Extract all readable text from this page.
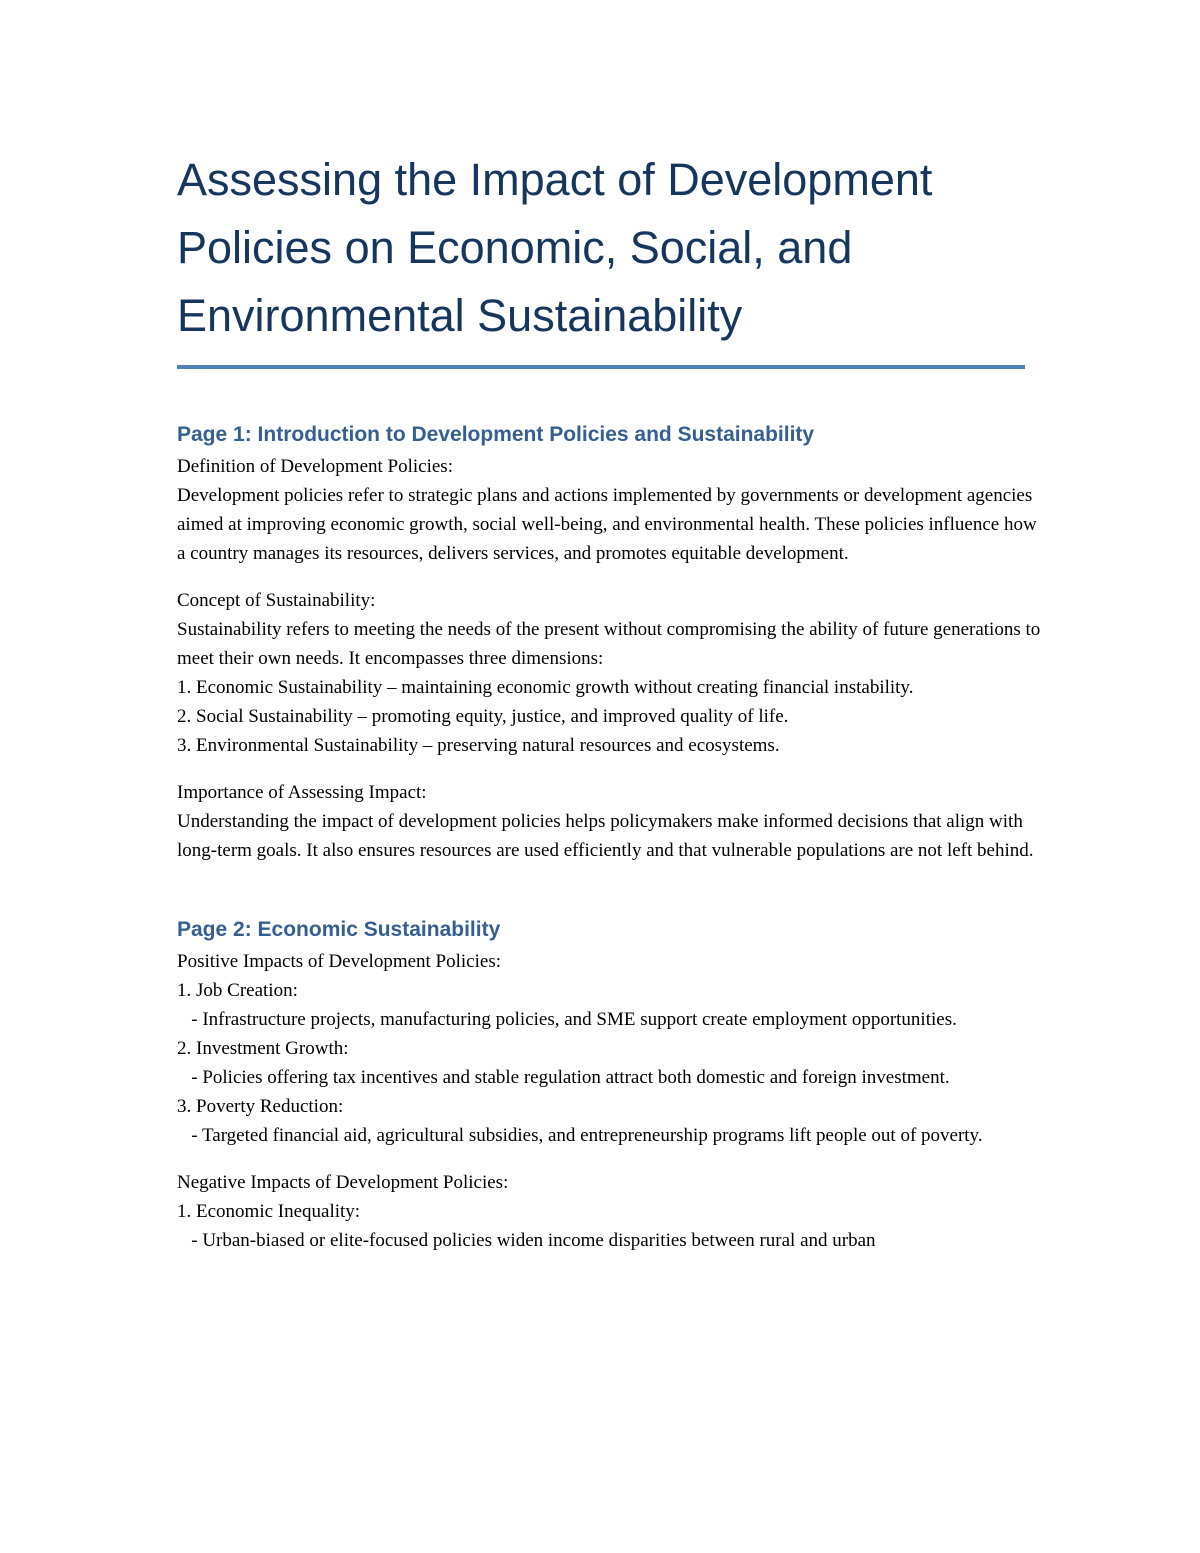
Assessing the Impact of Development Policies on Economic, Social, and Environmental Sustainability
Page 1: Introduction to Development Policies and Sustainability

Definition of Development Policies:

Development policies refer to strategic plans and actions implemented by governments or development agencies aimed at improving economic growth, social well-being, and environmental health. These policies influence how a country manages its resources, delivers services, and promotes equitable development.

Concept of Sustainability:

Sustainability refers to meeting the needs of the present without compromising the ability of future generations to meet their own needs. It encompasses three dimensions:

1. Economic Sustainability – maintaining economic growth without creating financial instability.

2. Social Sustainability – promoting equity, justice, and improved quality of life.

3. Environmental Sustainability – preserving natural resources and ecosystems.

Importance of Assessing Impact:

Understanding the impact of development policies helps policymakers make informed decisions that align with long-term goals. It also ensures resources are used efficiently and that vulnerable populations are not left behind.

Page 2: Economic Sustainability

Positive Impacts of Development Policies:

1. Job Creation:

- Infrastructure projects, manufacturing policies, and SME support create employment opportunities.

2. Investment Growth:

- Policies offering tax incentives and stable regulation attract both domestic and foreign investment.

3. Poverty Reduction:

- Targeted financial aid, agricultural subsidies, and entrepreneurship programs lift people out of poverty.

Negative Impacts of Development Policies:

1. Economic Inequality:

- Urban-biased or elite-focused policies widen income disparities between rural and urban
